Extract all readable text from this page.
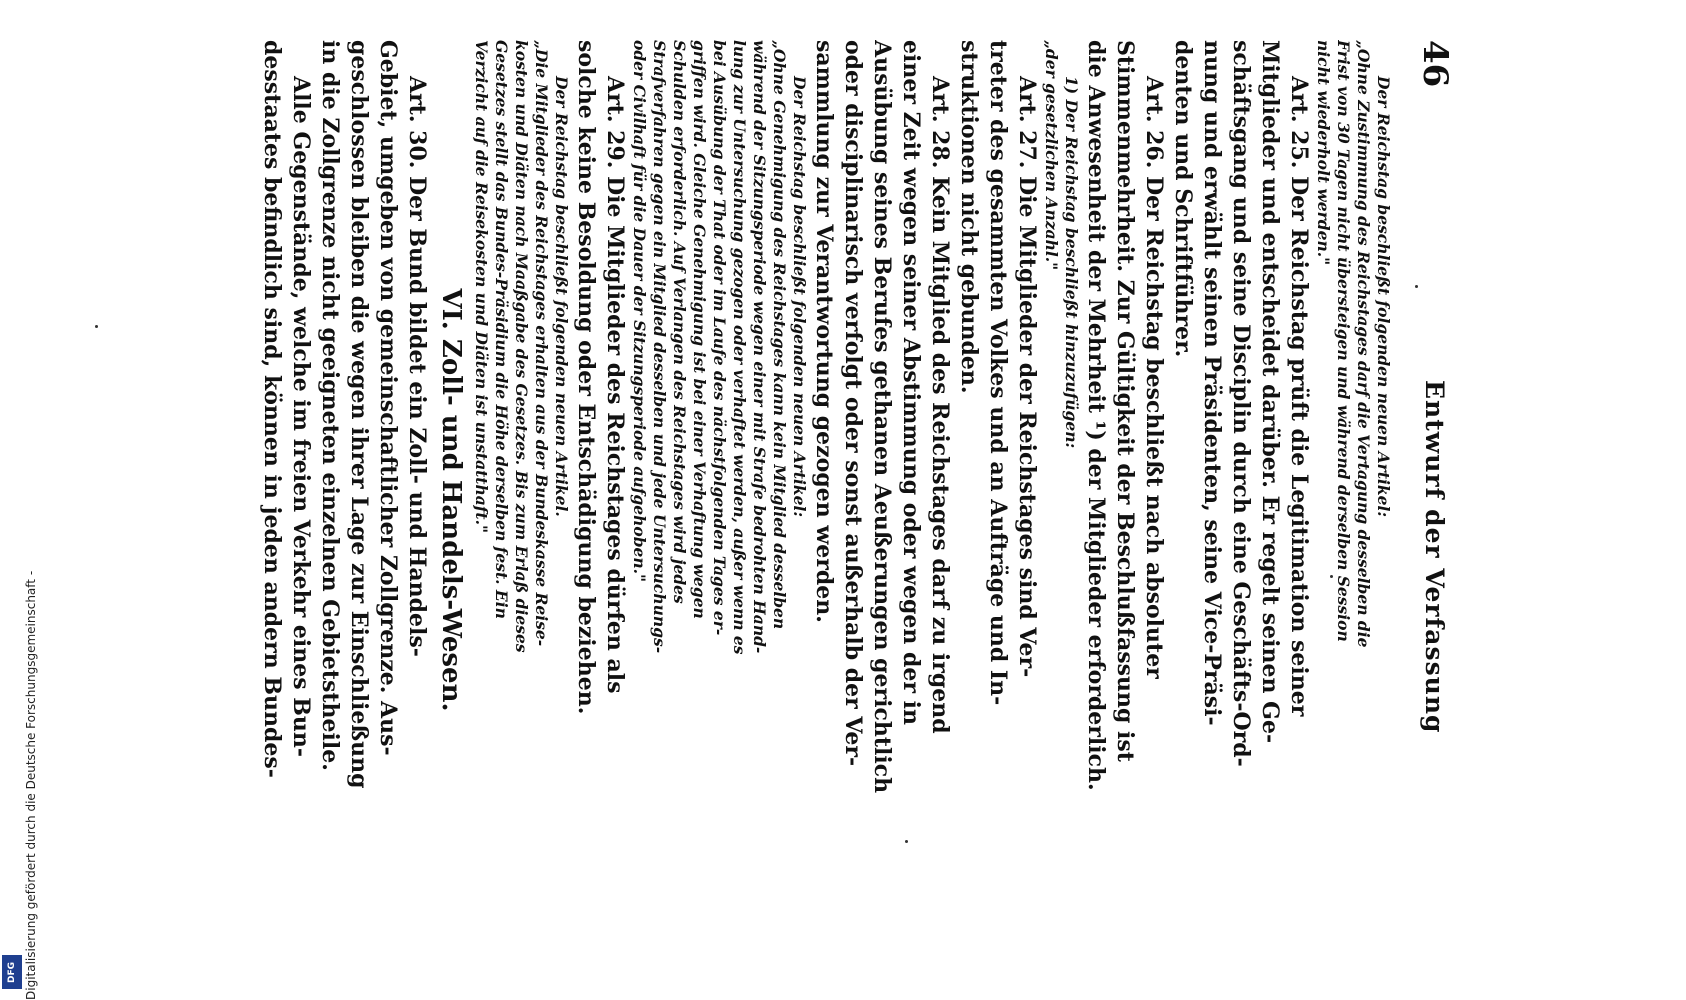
46
Entwurf der Verfassung
Der Reichstag beschließt folgenden neuen Artikel:
„Ohne Zustimmung des Reichstages darf die Vertagung desselben die
Frist von 30 Tagen nicht übersteigen und während derselben Session
nicht wiederholt werden."
Art. 25. Der Reichstag prüft die Legitimation seiner
Mitglieder und entscheidet darüber. Er regelt seinen Ge-
schäftsgang und seine Disciplin durch eine Geschäfts-Ord-
nung und erwählt seinen Präsidenten, seine Vice-Präsi-
denten und Schriftführer.
Art. 26. Der Reichstag beschließt nach absoluter
Stimmenmehrheit. Zur Gültigkeit der Beschlußfassung ist
die Anwesenheit der Mehrheit ¹) der Mitglieder erforderlich.
1) Der Reichstag beschließt hinzuzufügen:
„der gesetzlichen Anzahl."
Art. 27. Die Mitglieder der Reichstages sind Ver-
treter des gesammten Volkes und an Aufträge und In-
struktionen nicht gebunden.
Art. 28. Kein Mitglied des Reichstages darf zu irgend
einer Zeit wegen seiner Abstimmung oder wegen der in
Ausübung seines Berufes gethanen Aeußerungen gerichtlich
oder disciplinarisch verfolgt oder sonst außerhalb der Ver-
sammlung zur Verantwortung gezogen werden.
Der Reichstag beschließt folgenden neuen Artikel:
„Ohne Genehmigung des Reichstages kann kein Mitglied desselben
während der Sitzungsperiode wegen einer mit Strafe bedrohten Hand-
lung zur Untersuchung gezogen oder verhaftet werden, außer wenn es
bei Ausübung der That oder im Laufe des nächstfolgenden Tages er-
griffen wird. Gleiche Genehmigung ist bei einer Verhaftung wegen
Schulden erforderlich. Auf Verlangen des Reichstages wird jedes
Strafverfahren gegen ein Mitglied desselben und jede Untersuchungs-
oder Civilhaft für die Dauer der Sitzungsperiode aufgehoben."
Art. 29. Die Mitglieder des Reichstages dürfen als
solche keine Besoldung oder Entschädigung beziehen.
Der Reichstag beschließt folgenden neuen Artikel.
„Die Mitglieder des Reichstages erhalten aus der Bundeskasse Reise-
kosten und Diäten nach Maaßgabe des Gesetzes. Bis zum Erlaß dieses
Gesetzes stellt das Bundes-Präsidium die Höhe derselben fest. Ein
Verzicht auf die Reisekosten und Diäten ist unstatthaft."
VI. Zoll- und Handels-Wesen.
Art. 30. Der Bund bildet ein Zoll- und Handels-
Gebiet, umgeben von gemeinschaftlicher Zollgrenze. Aus-
geschlossen bleiben die wegen ihrer Lage zur Einschließung
in die Zollgrenze nicht geeigneten einzelnen Gebietstheile.
Alle Gegenstände, welche im freien Verkehr eines Bun-
desstaates befindlich sind, können in jeden andern Bundes-
Digitalisierung gefördert durch die Deutsche Forschungsgemeinschaft -
DFG
